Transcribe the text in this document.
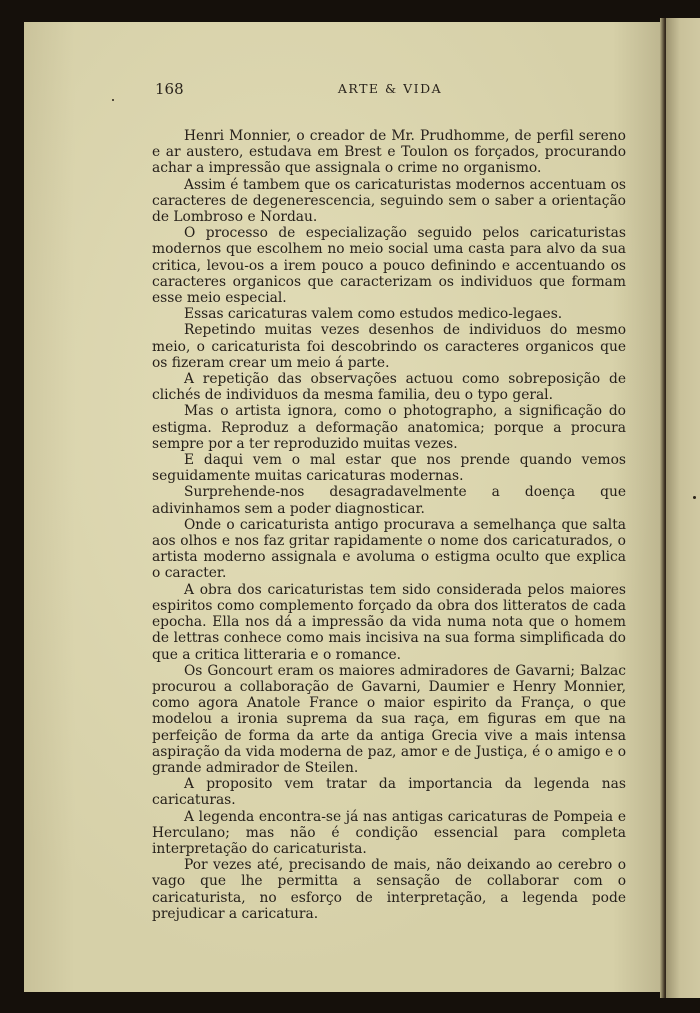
168	ARTE & VIDA

Henri Monnier, o creador de Mr. Prudhomme, de perfil sereno e ar austero, estudava em Brest e Toulon os forçados, procurando achar a impressão que assignala o crime no organismo.

Assim é tambem que os caricaturistas modernos accentuam os caracteres de degenerescencia, seguindo sem o saber a orientação de Lombroso e Nordau.

O processo de especialização seguido pelos caricaturistas modernos que escolhem no meio social uma casta para alvo da sua critica, levou-os a irem pouco a pouco definindo e accentuando os caracteres organicos que caracterizam os individuos que formam esse meio especial.

Essas caricaturas valem como estudos medico-legaes.

Repetindo muitas vezes desenhos de individuos do mesmo meio, o caricaturista foi descobrindo os caracteres organicos que os fizeram crear um meio á parte.

A repetição das observações actuou como sobreposição de clichés de individuos da mesma familia, deu o typo geral.

Mas o artista ignora, como o photographo, a significação do estigma. Reproduz a deformação anatomica; porque a procura sempre por a ter reproduzido muitas vezes.

E daqui vem o mal estar que nos prende quando vemos seguidamente muitas caricaturas modernas.

Surprehende-nos desagradavelmente a doença que adivinhamos sem a poder diagnosticar.

Onde o caricaturista antigo procurava a semelhança que salta aos olhos e nos faz gritar rapidamente o nome dos caricaturados, o artista moderno assignala e avoluma o estigma oculto que explica o caracter.

A obra dos caricaturistas tem sido considerada pelos maiores espiritos como complemento forçado da obra dos litteratos de cada epocha. Ella nos dá a impressão da vida numa nota que o homem de lettras conhece como mais incisiva na sua forma simplificada do que a critica litteraria e o romance.

Os Goncourt eram os maiores admiradores de Gavarni; Balzac procurou a collaboração de Gavarni, Daumier e Henry Monnier, como agora Anatole France o maior espirito da França, o que modelou a ironia suprema da sua raça, em figuras em que na perfeição de forma da arte da antiga Grecia vive a mais intensa aspiração da vida moderna de paz, amor e de Justiça, é o amigo e o grande admirador de Steilen.

A proposito vem tratar da importancia da legenda nas caricaturas.

A legenda encontra-se já nas antigas caricaturas de Pompeia e Herculano; mas não é condição essencial para completa interpretação do caricaturista.

Por vezes até, precisando de mais, não deixando ao cerebro o vago que lhe permitta a sensação de collaborar com o caricaturista, no esforço de interpretação, a legenda pode prejudicar a caricatura.
